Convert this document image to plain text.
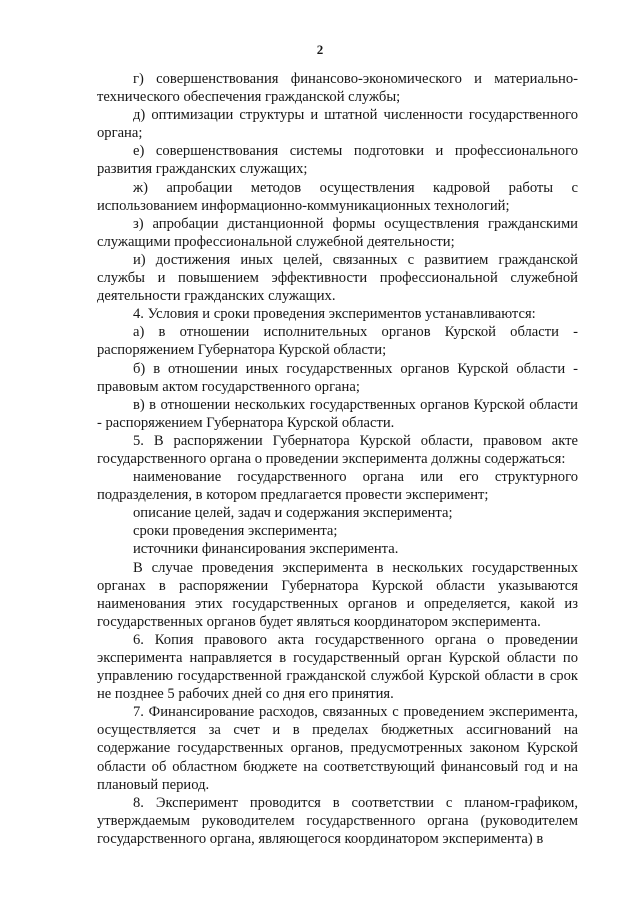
2

г) совершенствования финансово-экономического и материально-технического обеспечения гражданской службы;

д) оптимизации структуры и штатной численности государственного органа;

е) совершенствования системы подготовки и профессионального развития гражданских служащих;

ж) апробации методов осуществления кадровой работы с использованием информационно-коммуникационных технологий;

з) апробации дистанционной формы осуществления гражданскими служащими профессиональной служебной деятельности;

и) достижения иных целей, связанных с развитием гражданской службы и повышением эффективности профессиональной служебной деятельности гражданских служащих.

4. Условия и сроки проведения экспериментов устанавливаются:

а) в отношении исполнительных органов Курской области - распоряжением Губернатора Курской области;

б) в отношении иных государственных органов Курской области - правовым актом государственного органа;

в) в отношении нескольких государственных органов Курской области - распоряжением Губернатора Курской области.

5. В распоряжении Губернатора Курской области, правовом акте государственного органа о проведении эксперимента должны содержаться:

наименование государственного органа или его структурного подразделения, в котором предлагается провести эксперимент;

описание целей, задач и содержания эксперимента;

сроки проведения эксперимента;

источники финансирования эксперимента.

В случае проведения эксперимента в нескольких государственных органах в распоряжении Губернатора Курской области указываются наименования этих государственных органов и определяется, какой из государственных органов будет являться координатором эксперимента.

6. Копия правового акта государственного органа о проведении эксперимента направляется в государственный орган Курской области по управлению государственной гражданской службой Курской области в срок не позднее 5 рабочих дней со дня его принятия.

7. Финансирование расходов, связанных с проведением эксперимента, осуществляется за счет и в пределах бюджетных ассигнований на содержание государственных органов, предусмотренных законом Курской области об областном бюджете на соответствующий финансовый год и на плановый период.

8. Эксперимент проводится в соответствии с планом-графиком, утверждаемым руководителем государственного органа (руководителем государственного органа, являющегося координатором эксперимента) в
